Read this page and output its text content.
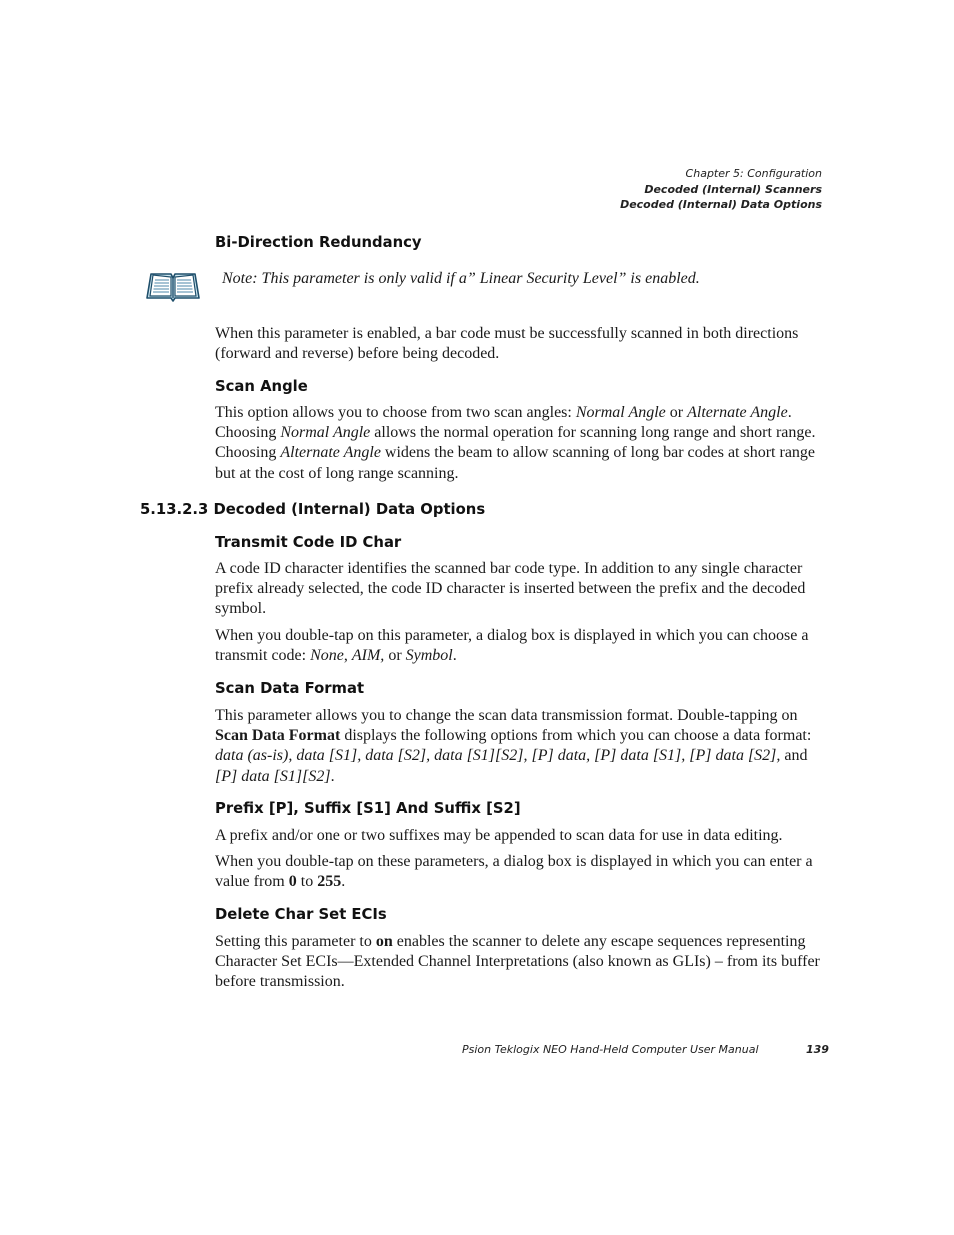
Chapter 5: Configuration
Decoded (Internal) Scanners
Decoded (Internal) Data Options
Bi-Direction Redundancy
Note: This parameter is only valid if a” Linear Security Level” is enabled.
When this parameter is enabled, a bar code must be successfully scanned in both directions (forward and reverse) before being decoded.
Scan Angle
This option allows you to choose from two scan angles: Normal Angle or Alternate Angle. Choosing Normal Angle allows the normal operation for scanning long range and short range. Choosing Alternate Angle widens the beam to allow scanning of long bar codes at short range but at the cost of long range scanning.
5.13.2.3 Decoded (Internal) Data Options
Transmit Code ID Char
A code ID character identifies the scanned bar code type. In addition to any single character prefix already selected, the code ID character is inserted between the prefix and the decoded symbol.
When you double-tap on this parameter, a dialog box is displayed in which you can choose a transmit code: None, AIM, or Symbol.
Scan Data Format
This parameter allows you to change the scan data transmission format. Double-tapping on Scan Data Format displays the following options from which you can choose a data format: data (as-is), data [S1], data [S2], data [S1][S2], [P] data, [P] data [S1], [P] data [S2], and [P] data [S1][S2].
Prefix [P], Suffix [S1] And Suffix [S2]
A prefix and/or one or two suffixes may be appended to scan data for use in data editing.
When you double-tap on these parameters, a dialog box is displayed in which you can enter a value from 0 to 255.
Delete Char Set ECIs
Setting this parameter to on enables the scanner to delete any escape sequences representing Character Set ECIs—Extended Channel Interpretations (also known as GLIs) – from its buffer before transmission.
Psion Teklogix NEO Hand-Held Computer User Manual	139
